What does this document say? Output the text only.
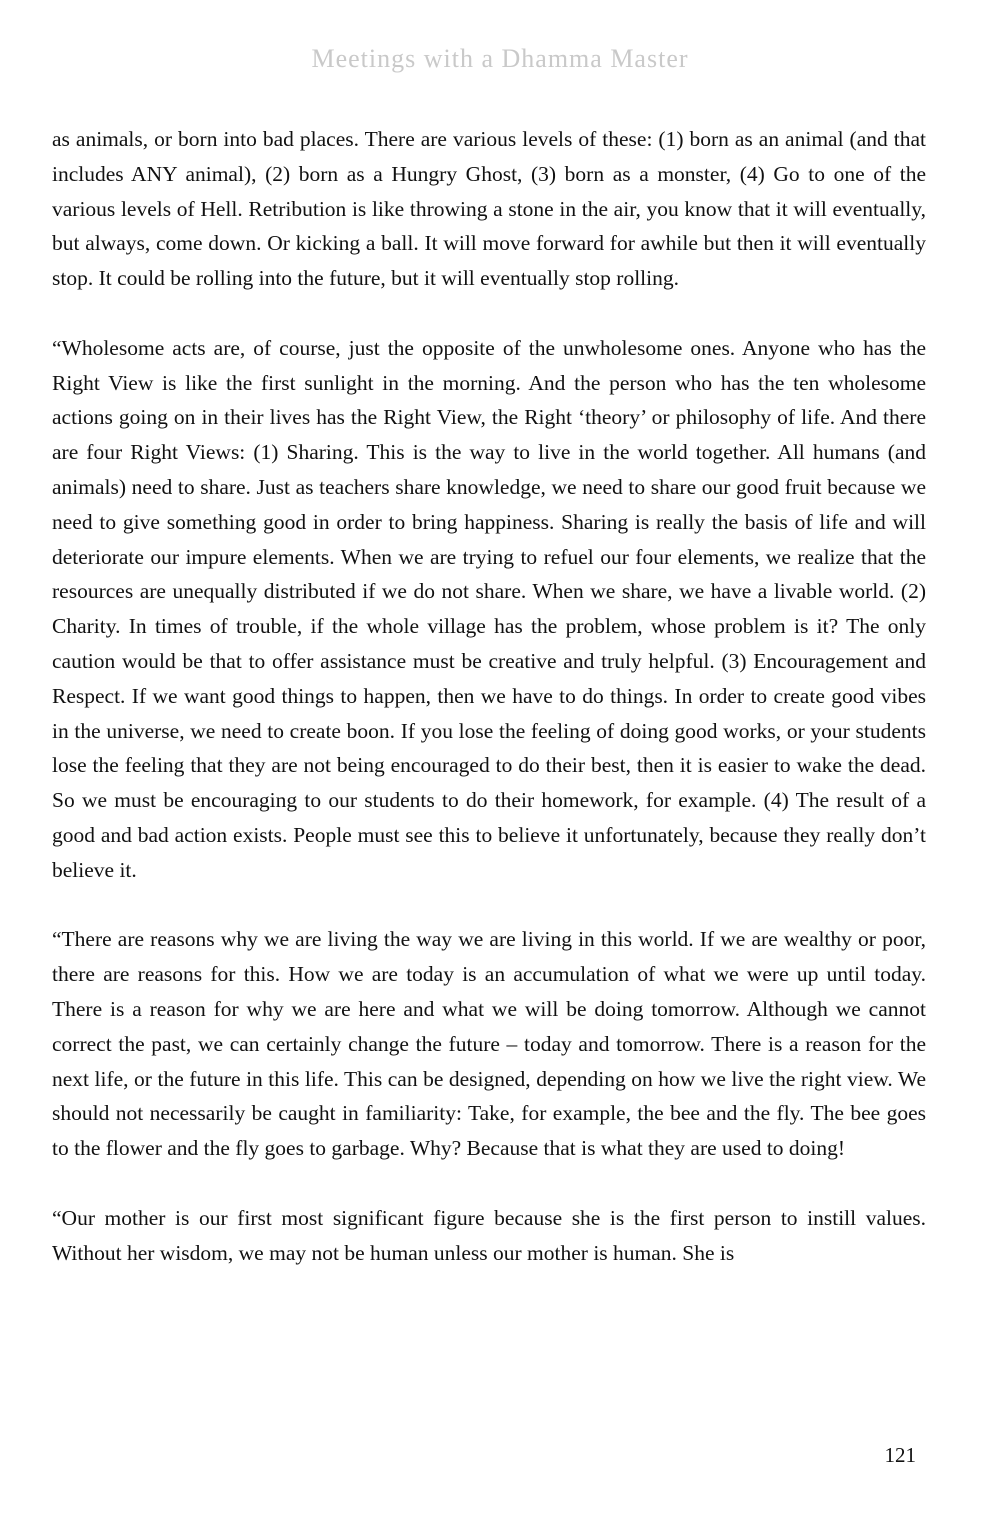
Meetings with a Dhamma Master

as animals, or born into bad places. There are various levels of these: (1) born as an animal (and that includes ANY animal), (2) born as a Hungry Ghost, (3) born as a monster, (4) Go to one of the various levels of Hell. Retribution is like throwing a stone in the air, you know that it will eventually, but always, come down. Or kicking a ball. It will move forward for awhile but then it will eventually stop. It could be rolling into the future, but it will eventually stop rolling.

“Wholesome acts are, of course, just the opposite of the unwholesome ones. Anyone who has the Right View is like the first sunlight in the morning. And the person who has the ten wholesome actions going on in their lives has the Right View, the Right ‘theory’ or philosophy of life. And there are four Right Views: (1) Sharing. This is the way to live in the world together. All humans (and animals) need to share. Just as teachers share knowledge, we need to share our good fruit because we need to give something good in order to bring happiness. Sharing is really the basis of life and will deteriorate our impure elements. When we are trying to refuel our four elements, we realize that the resources are unequally distributed if we do not share. When we share, we have a livable world. (2) Charity. In times of trouble, if the whole village has the problem, whose problem is it? The only caution would be that to offer assistance must be creative and truly helpful. (3) Encouragement and Respect. If we want good things to happen, then we have to do things. In order to create good vibes in the universe, we need to create boon. If you lose the feeling of doing good works, or your students lose the feeling that they are not being encouraged to do their best, then it is easier to wake the dead. So we must be encouraging to our students to do their homework, for example. (4) The result of a good and bad action exists. People must see this to believe it unfortunately, because they really don’t believe it.

“There are reasons why we are living the way we are living in this world. If we are wealthy or poor, there are reasons for this. How we are today is an accumulation of what we were up until today. There is a reason for why we are here and what we will be doing tomorrow. Although we cannot correct the past, we can certainly change the future – today and tomorrow. There is a reason for the next life, or the future in this life. This can be designed, depending on how we live the right view. We should not necessarily be caught in familiarity: Take, for example, the bee and the fly. The bee goes to the flower and the fly goes to garbage. Why? Because that is what they are used to doing!

“Our mother is our first most significant figure because she is the first person to instill values. Without her wisdom, we may not be human unless our mother is human. She is

121
